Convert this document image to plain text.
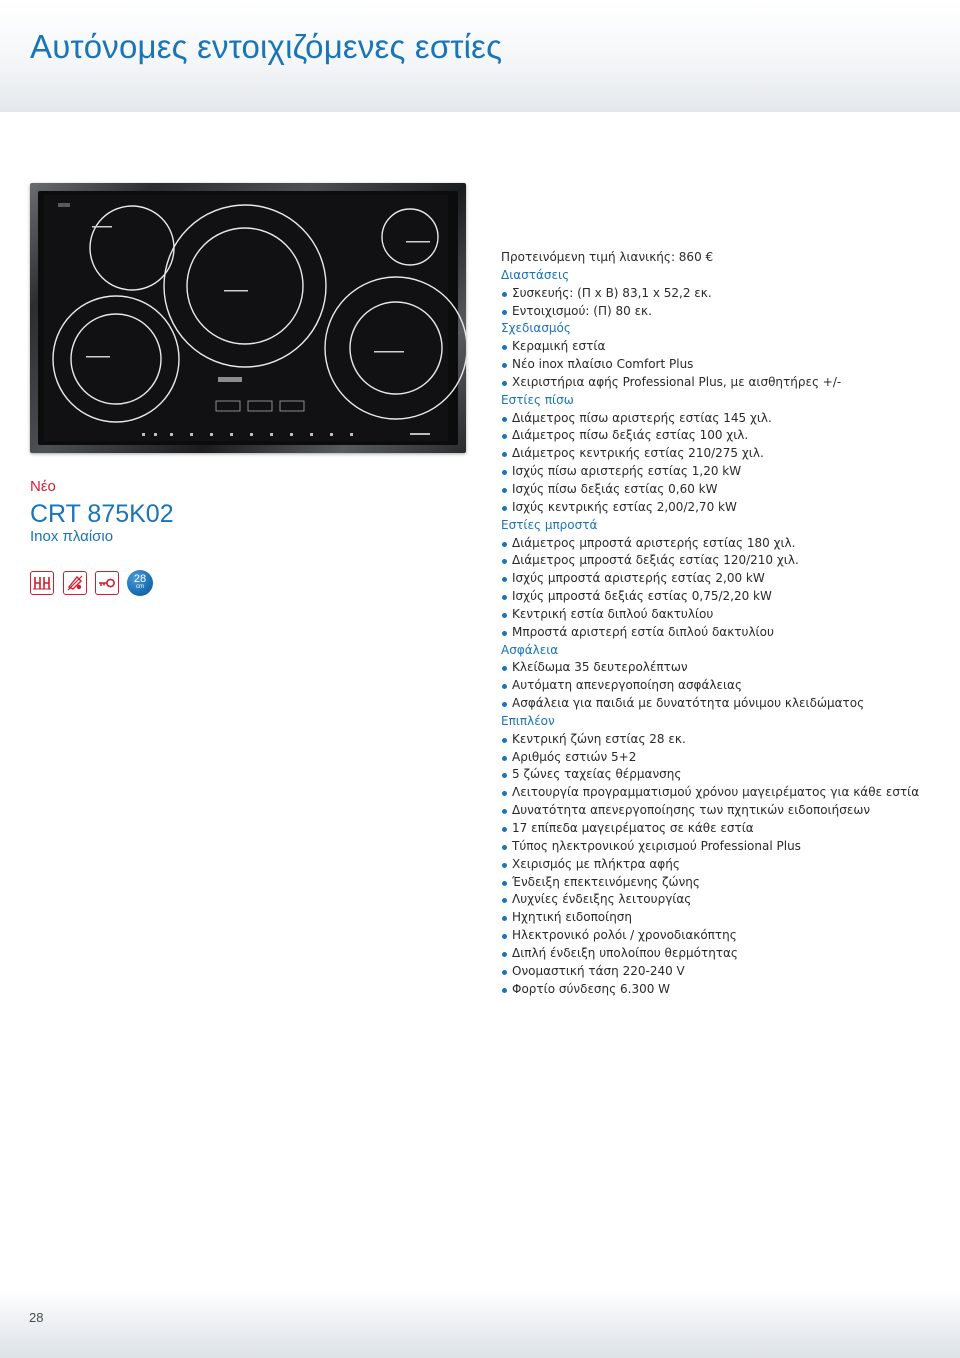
Αυτόνομες εντοιχιζόμενες εστίες
Νέο
CRT 875K02
Inox πλαίσιο
28
cm
Προτεινόμενη τιμή λιανικής: 860 €
Διαστάσεις
Συσκευής: (Π x Β) 83,1 x 52,2 εκ.
Εντοιχισμού: (Π) 80 εκ.
Σχεδιασμός
Κεραμική εστία
Νέο inox πλαίσιο Comfort Plus
Χειριστήρια αφής Professional Plus, με αισθητήρες +/-
Εστίες πίσω
Διάμετρος πίσω αριστερής εστίας 145 χιλ.
Διάμετρος πίσω δεξιάς εστίας 100 χιλ.
Διάμετρος κεντρικής εστίας 210/275 χιλ.
Ισχύς πίσω αριστερής εστίας 1,20 kW
Ισχύς πίσω δεξιάς εστίας 0,60 kW
Ισχύς κεντρικής εστίας 2,00/2,70 kW
Εστίες μπροστά
Διάμετρος μπροστά αριστερής εστίας 180 χιλ.
Διάμετρος μπροστά δεξιάς εστίας 120/210 χιλ.
Ισχύς μπροστά αριστερής εστίας 2,00 kW
Ισχύς μπροστά δεξιάς εστίας 0,75/2,20 kW
Κεντρική εστία διπλού δακτυλίου
Μπροστά αριστερή εστία διπλού δακτυλίου
Ασφάλεια
Κλείδωμα 35 δευτερολέπτων
Αυτόματη απενεργοποίηση ασφάλειας
Ασφάλεια για παιδιά με δυνατότητα μόνιμου κλειδώματος
Επιπλέον
Κεντρική ζώνη εστίας 28 εκ.
Αριθμός εστιών 5+2
5 ζώνες ταχείας θέρμανσης
Λειτουργία προγραμματισμού χρόνου μαγειρέματος για κάθε εστία
Δυνατότητα απενεργοποίησης των πχητικών ειδοποιήσεων
17 επίπεδα μαγειρέματος σε κάθε εστία
Τύπος ηλεκτρονικού χειρισμού Professional Plus
Χειρισμός με πλήκτρα αφής
Ένδειξη επεκτεινόμενης ζώνης
Λυχνίες ένδειξης λειτουργίας
Ηχητική ειδοποίηση
Ηλεκτρονικό ρολόι / χρονοδιακόπτης
Διπλή ένδειξη υπολοίπου θερμότητας
Ονομαστική τάση 220-240 V
Φορτίο σύνδεσης 6.300 W
28
